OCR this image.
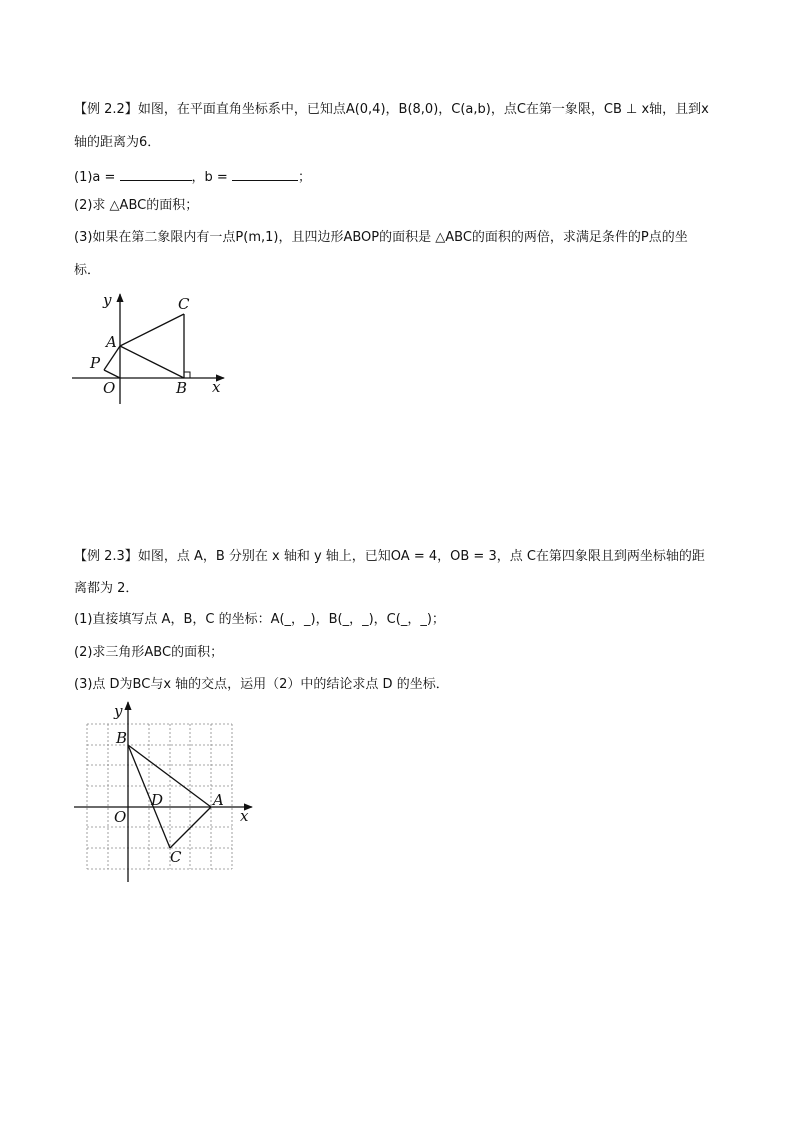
【例 2.2】如图，在平面直角坐标系中，已知点A(0,4)，B(8,0)，C(a,b)，点C在第一象限，CB ⊥ x轴，且到x
轴的距离为6．
(1)a =	，b =	；
(2)求 △ABC的面积；
(3)如果在第二象限内有一点P(m,1)，且四边形ABOP的面积是 △ABC的面积的两倍，求满足条件的P点的坐
标．
y
x
C
A
P
O	B
【例 2.3】如图，点 A，B 分别在 x 轴和 y 轴上，已知OA = 4，OB = 3，点 C在第四象限且到两坐标轴的距
离都为 2．
(1)直接填写点 A，B，C 的坐标：A(_，_)，B(_，_)，C(_，_)；
(2)求三角形ABC的面积；
(3)点 D为BC与x 轴的交点，运用（2）中的结论求点 D 的坐标．
y
x
B
D	A
O
C
